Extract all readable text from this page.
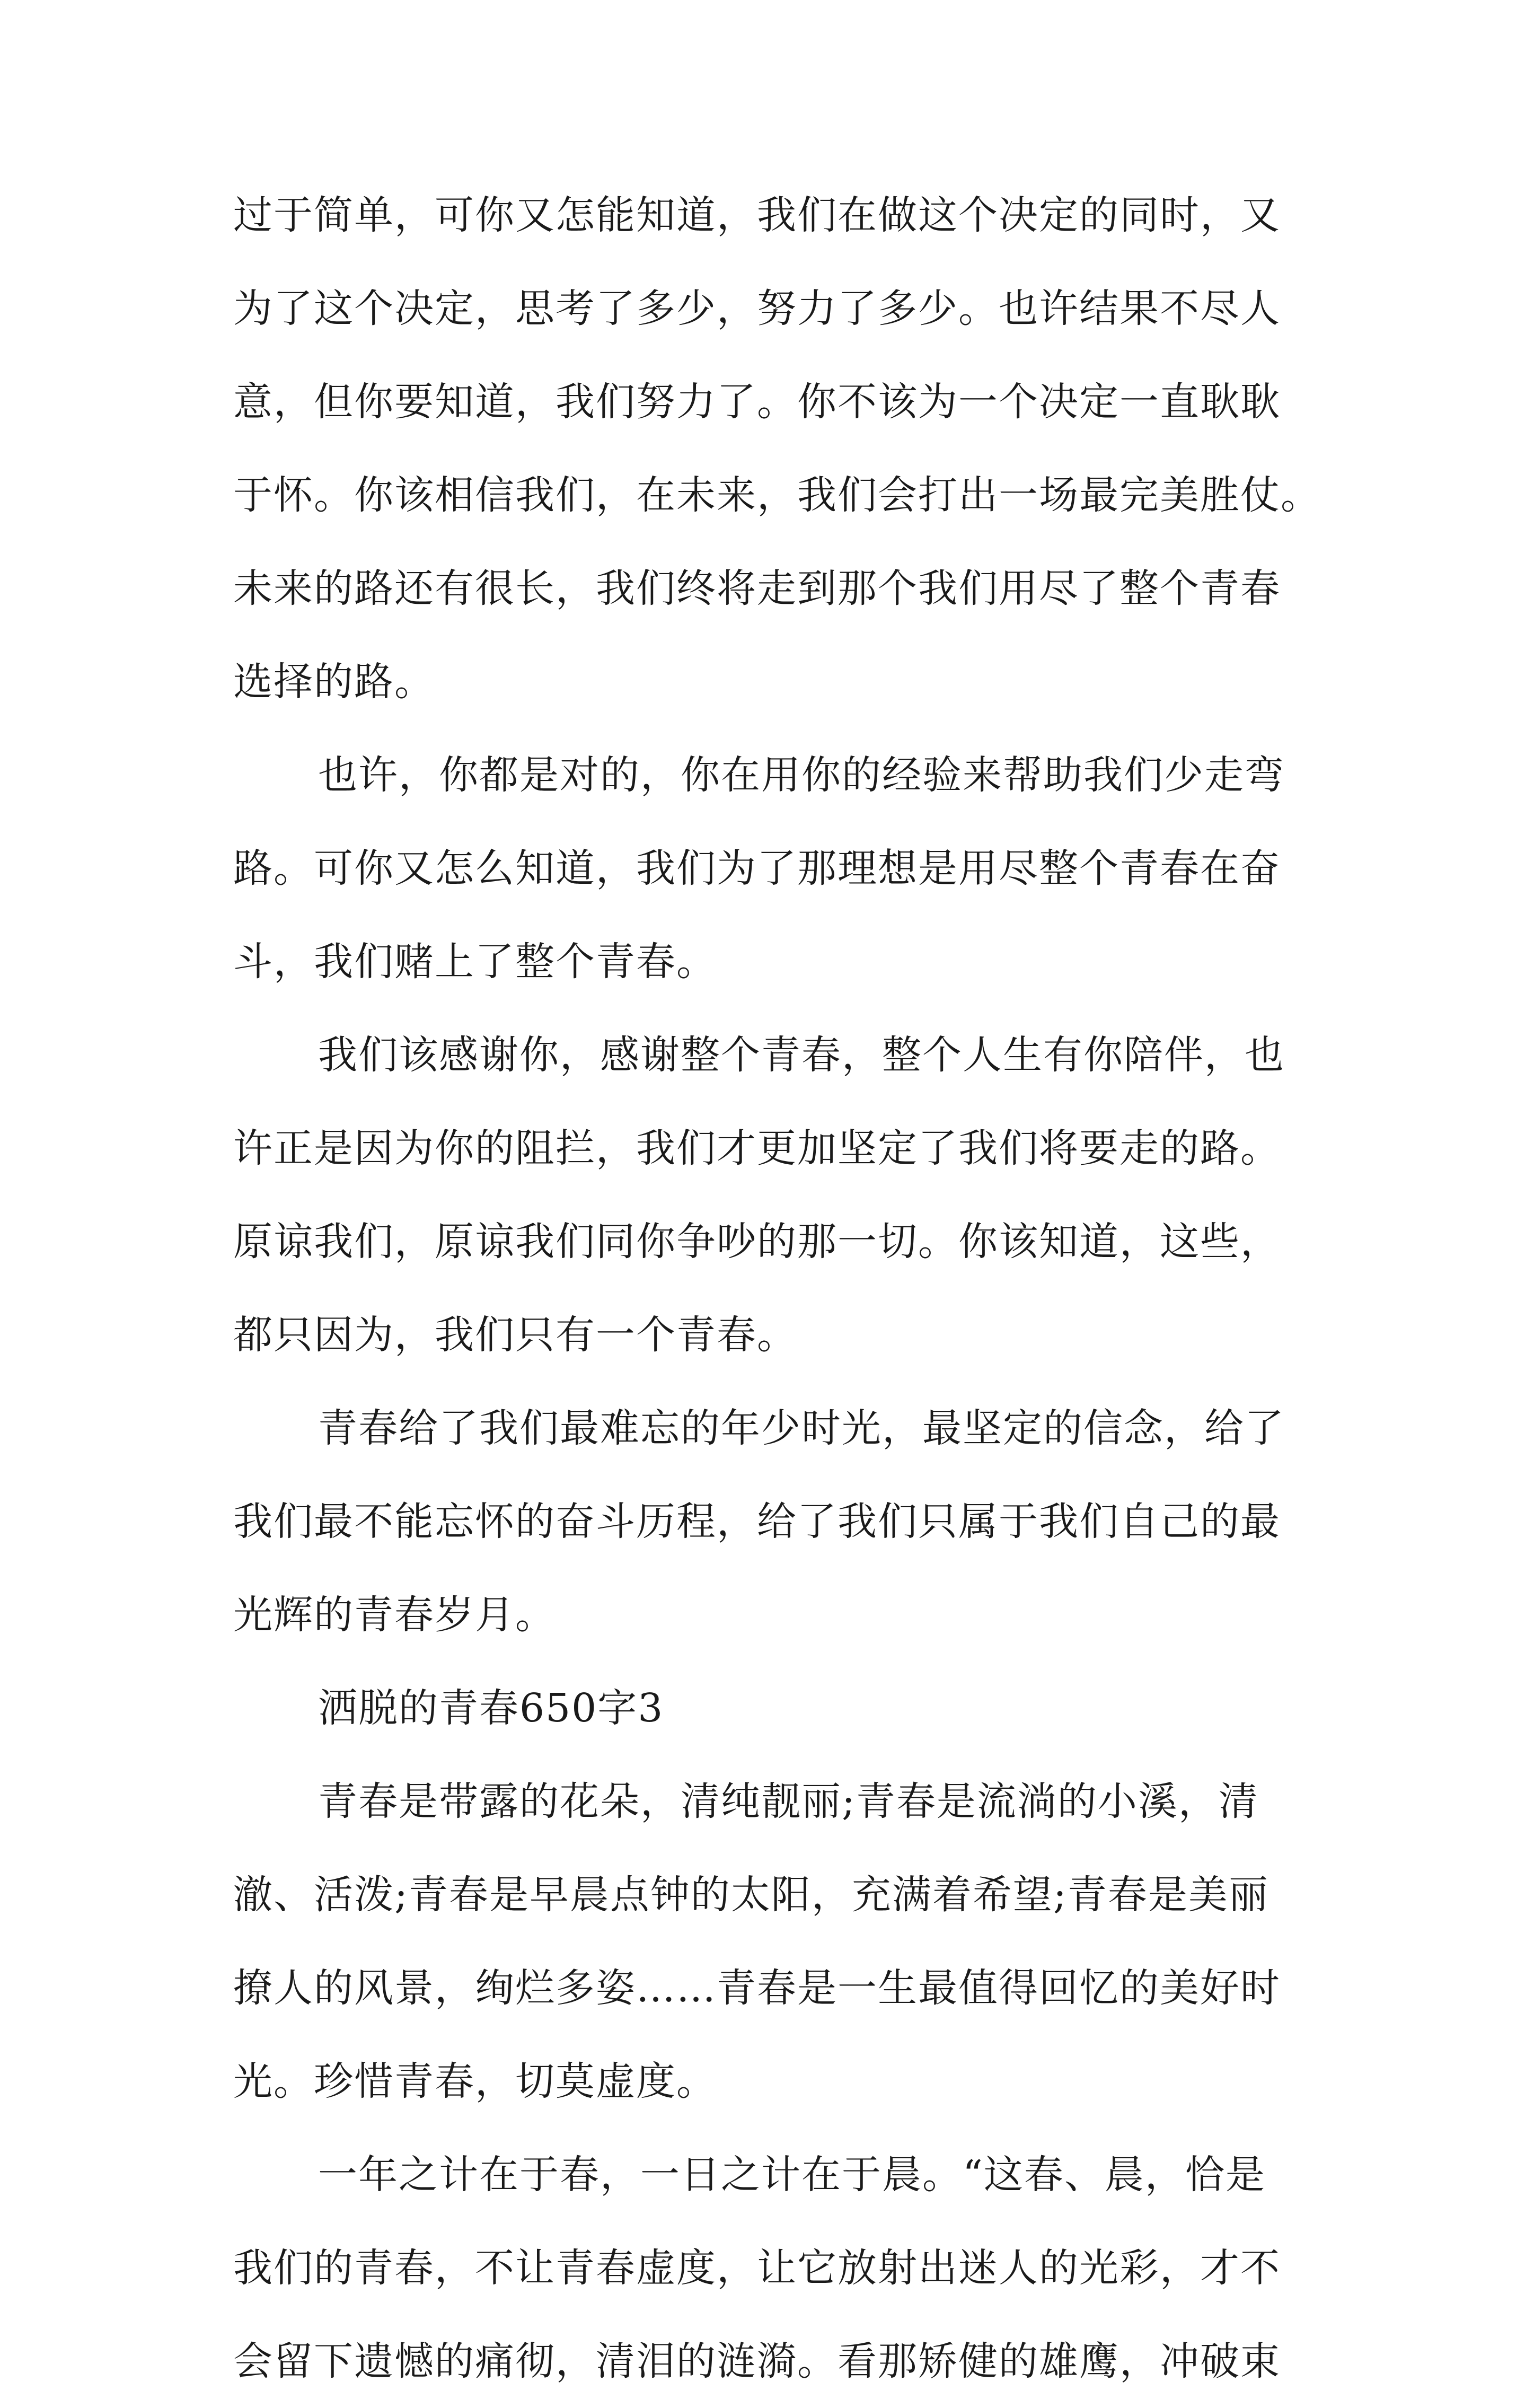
过于简单，可你又怎能知道，我们在做这个决定的同时，又
为了这个决定，思考了多少，努力了多少。也许结果不尽人
意，但你要知道，我们努力了。你不该为一个决定一直耿耿
于怀。你该相信我们，在未来，我们会打出一场最完美胜仗。
未来的路还有很长，我们终将走到那个我们用尽了整个青春
选择的路。
也许，你都是对的，你在用你的经验来帮助我们少走弯
路。可你又怎么知道，我们为了那理想是用尽整个青春在奋
斗，我们赌上了整个青春。
我们该感谢你，感谢整个青春，整个人生有你陪伴，也
许正是因为你的阻拦，我们才更加坚定了我们将要走的路。
原谅我们，原谅我们同你争吵的那一切。你该知道，这些，
都只因为，我们只有一个青春。
青春给了我们最难忘的年少时光，最坚定的信念，给了
我们最不能忘怀的奋斗历程，给了我们只属于我们自己的最
光辉的青春岁月。
洒脱的青春650字3
青春是带露的花朵，清纯靓丽;青春是流淌的小溪，清
澈、活泼;青春是早晨点钟的太阳，充满着希望;青春是美丽
撩人的风景，绚烂多姿……青春是一生最值得回忆的美好时
光。珍惜青春，切莫虚度。
一年之计在于春，一日之计在于晨。“这春、晨，恰是
我们的青春，不让青春虚度，让它放射出迷人的光彩，才不
会留下遗憾的痛彻，清泪的涟漪。看那矫健的雄鹰，冲破束
